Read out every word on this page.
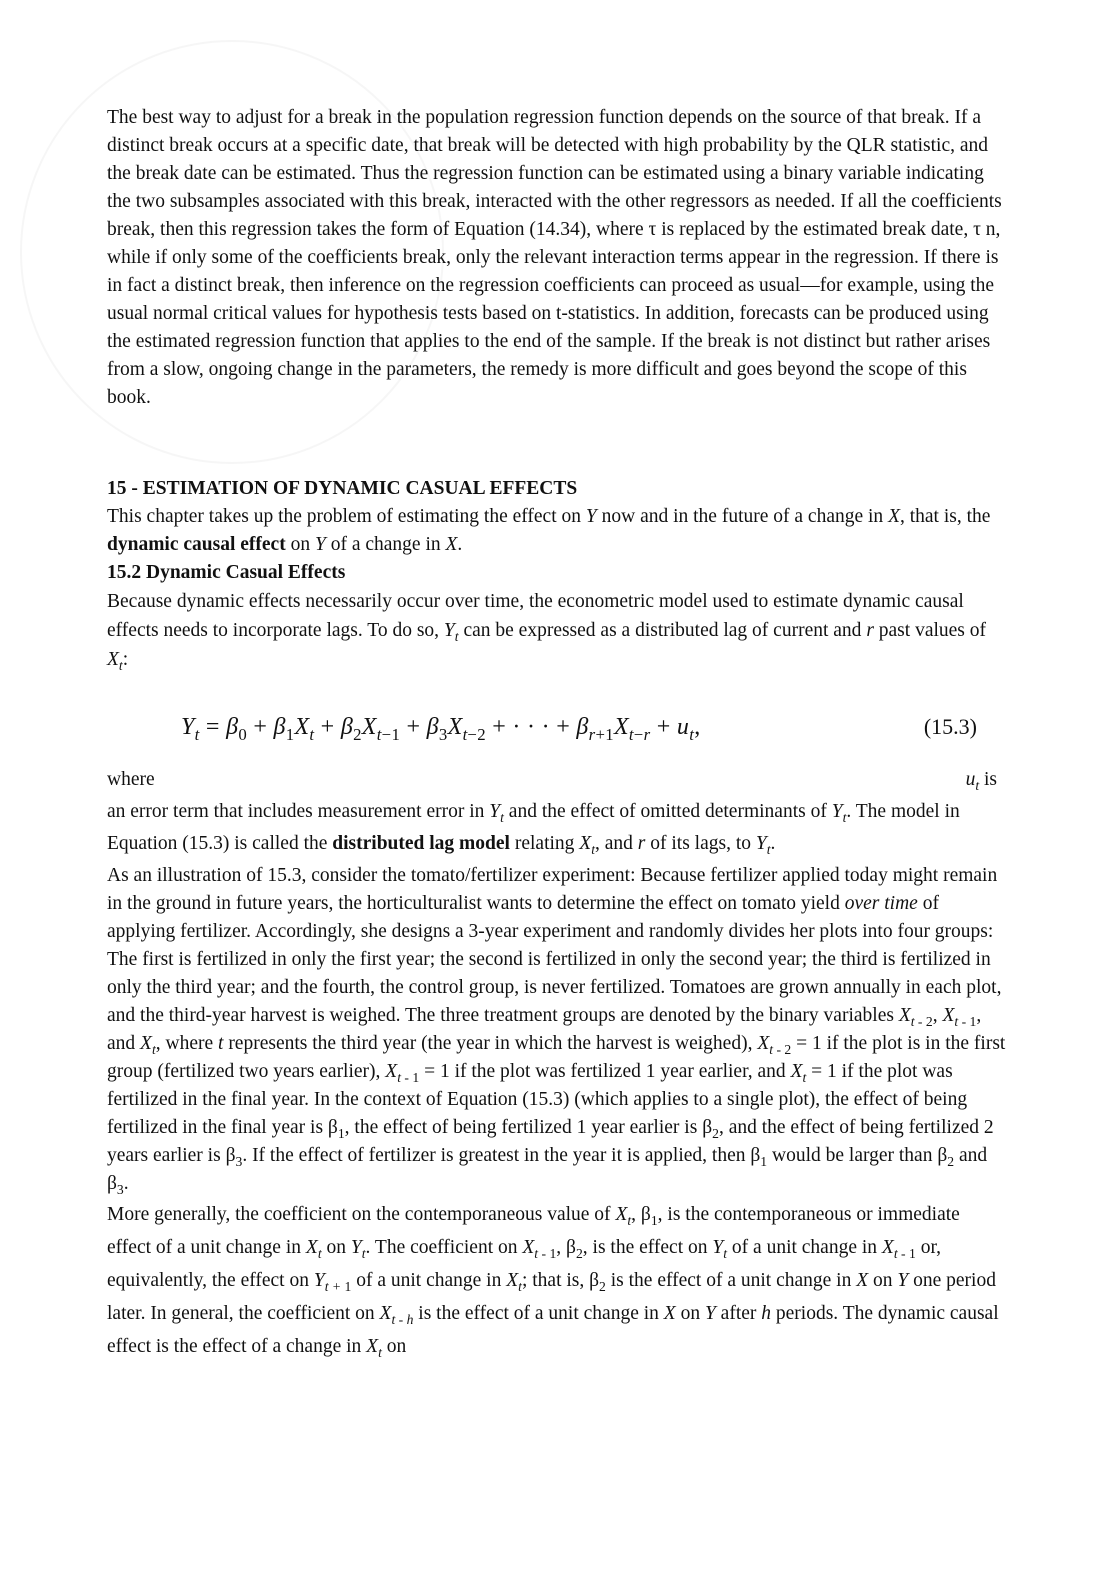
The best way to adjust for a break in the population regression function depends on the source of that break. If a distinct break occurs at a specific date, that break will be detected with high probability by the QLR statistic, and the break date can be estimated. Thus the regression function can be estimated using a binary variable indicating the two subsamples associated with this break, interacted with the other regressors as needed. If all the coefficients break, then this regression takes the form of Equation (14.34), where τ is replaced by the estimated break date, τ n, while if only some of the coefficients break, only the relevant interaction terms appear in the regression. If there is in fact a distinct break, then inference on the regression coefficients can proceed as usual—for example, using the usual normal critical values for hypothesis tests based on t-statistics. In addition, forecasts can be produced using the estimated regression function that applies to the end of the sample. If the break is not distinct but rather arises from a slow, ongoing change in the parameters, the remedy is more difficult and goes beyond the scope of this book.

15 - ESTIMATION OF DYNAMIC CASUAL EFFECTS

This chapter takes up the problem of estimating the effect on Y now and in the future of a change in X, that is, the dynamic causal effect on Y of a change in X.

15.2 Dynamic Casual Effects

Because dynamic effects necessarily occur over time, the econometric model used to estimate dynamic causal effects needs to incorporate lags. To do so, $Y_t$ can be expressed as a distributed lag of current and r past values of $X_t$:

$Y_t = \beta_0 + \beta_1X_t + \beta_2X_{t-1} + \beta_3X_{t-2}$ + · · · + $\beta_{r+1}X_{t-r} + u_t$,	(15.3)
where	$u_t$ is

an error term that includes measurement error in $Y_t$ and the effect of omitted determinants of $Y_t$. The model in Equation (15.3) is called the distributed lag model relating $X_t$, and r of its lags, to $Y_t$.

As an illustration of 15.3, consider the tomato/fertilizer experiment: Because fertilizer applied today might remain in the ground in future years, the horticulturalist wants to determine the effect on tomato yield over time of applying fertilizer. Accordingly, she designs a 3-year experiment and randomly divides her plots into four groups: The first is fertilized in only the first year; the second is fertilized in only the second year; the third is fertilized in only the third year; and the fourth, the control group, is never fertilized. Tomatoes are grown annually in each plot, and the third-year harvest is weighed. The three treatment groups are denoted by the binary variables $X_{t -}$ $_2$, $X_{t -}$ $_1$, and $X_t$, where t represents the third year (the year in which the harvest is weighed), $X_{t -}$ $_2$ = 1 if the plot is in the first group (fertilized two years earlier), $X_{t -}$ $_1$ = 1 if the plot was fertilized 1 year earlier, and $X_t = 1$ if the plot was fertilized in the final year. In the context of Equation (15.3) (which applies to a single plot), the effect of being fertilized in the final year is $\beta_1$, the effect of being fertilized 1 year earlier is $\beta_2$, and the effect of being fertilized 2 years earlier is $\beta_3$. If the effect of fertilizer is greatest in the year it is applied, then $\beta_1$ would be larger than $\beta_2$ and $\beta_3$.

More generally, the coefficient on the contemporaneous value of $X_t$, $\beta_1$, is the contemporaneous or immediate effect of a unit change in $X_t$ on $Y_t$. The coefficient on $X_{t -}$ $_1$, $\beta_2$, is the effect on $Y_t$ of a unit change in $X_{t -}$ $_1$ or, equivalently, the effect on $Y_{t +}$ $_1$ of a unit change in $X_t$; that is, $\beta_2$ is the effect of a unit change in X on Y one period later. In general, the coefficient on $X_{t - h}$ is the effect of a unit change in X on Y after h periods. The dynamic causal effect is the effect of a change in $X_t$ on
